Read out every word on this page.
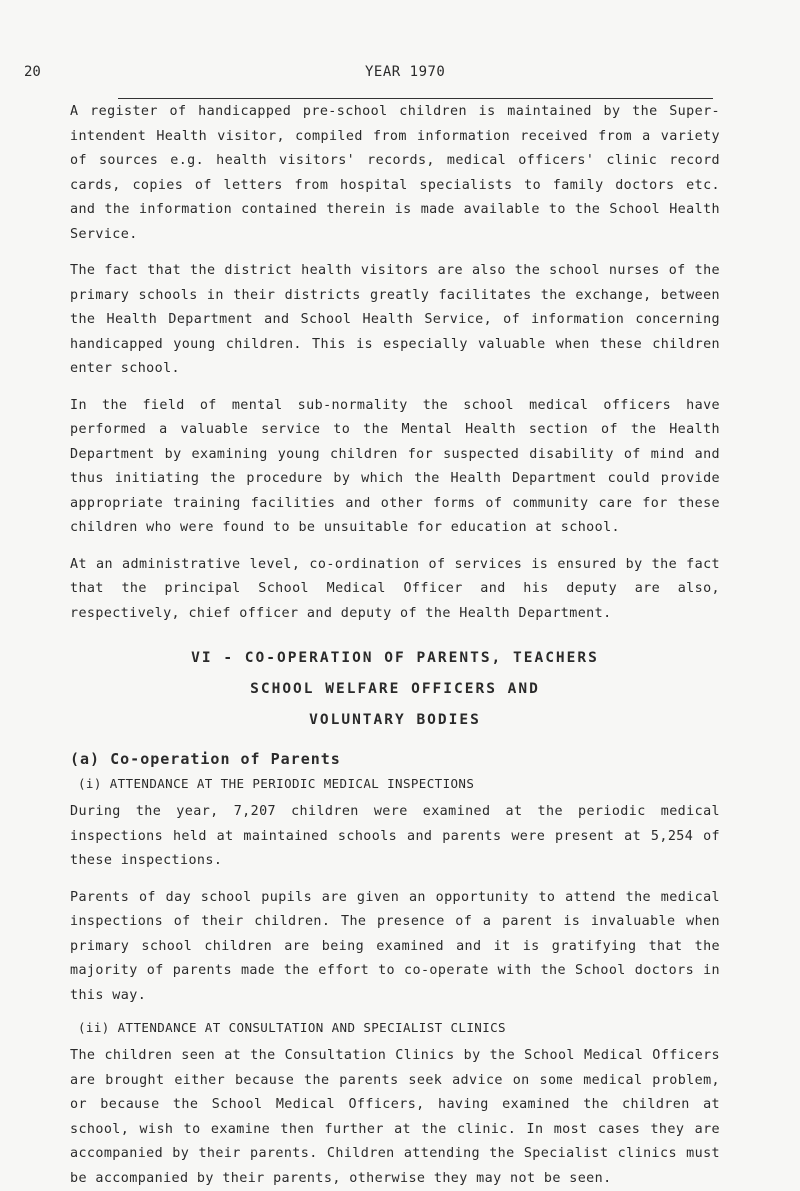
20	YEAR 1970

A register of handicapped pre-school children is maintained by the Super-intendent Health visitor, compiled from information received from a variety of sources e.g. health visitors' records, medical officers' clinic record cards, copies of letters from hospital specialists to family doctors etc. and the information contained therein is made available to the School Health Service.

The fact that the district health visitors are also the school nurses of the primary schools in their districts greatly facilitates the exchange, between the Health Department and School Health Service, of information concerning handicapped young children. This is especially valuable when these children enter school.

In the field of mental sub-normality the school medical officers have performed a valuable service to the Mental Health section of the Health Department by examining young children for suspected disability of mind and thus initiating the procedure by which the Health Department could provide appropriate training facilities and other forms of community care for these children who were found to be unsuitable for education at school.

At an administrative level, co-ordination of services is ensured by the fact that the principal School Medical Officer and his deputy are also, respectively, chief officer and deputy of the Health Department.

VI - CO-OPERATION OF PARENTS, TEACHERS
SCHOOL WELFARE OFFICERS AND
VOLUNTARY BODIES
(a) Co-operation of Parents
(i) ATTENDANCE AT THE PERIODIC MEDICAL INSPECTIONS

During the year, 7,207 children were examined at the periodic medical inspections held at maintained schools and parents were present at 5,254 of these inspections.

Parents of day school pupils are given an opportunity to attend the medical inspections of their children. The presence of a parent is invaluable when primary school children are being examined and it is gratifying that the majority of parents made the effort to co-operate with the School doctors in this way.

(ii) ATTENDANCE AT CONSULTATION AND SPECIALIST CLINICS

The children seen at the Consultation Clinics by the School Medical Officers are brought either because the parents seek advice on some medical problem, or because the School Medical Officers, having examined the children at school, wish to examine then further at the clinic. In most cases they are accompanied by their parents. Children attending the Specialist clinics must be accompanied by their parents, otherwise they may not be seen.
